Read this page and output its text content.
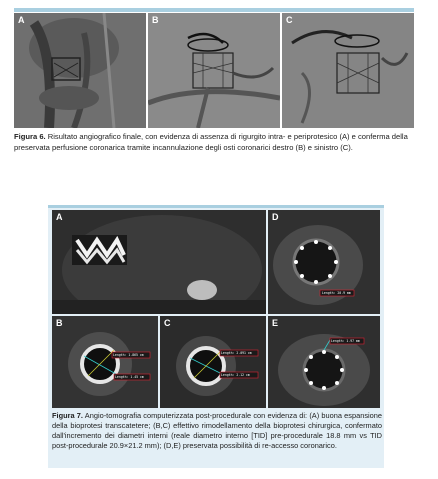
A	B	C
Figura 6. Risultato angiografico finale, con evidenza di assenza di rigurgito intra- e periprotesico (A) e conferma della preservata perfusione coronarica tramite incannulazione degli osti coronarici destro (B) e sinistro (C).
A	D
Length: 20.9 mm
B
Length: 1.865 cm
Length: 1.45 cm
C
Length: 2.091 cm
Length: 2.12 cm
E
Length: 1.97 mm
Figura 7. Angio-tomografia computerizzata post-procedurale con evidenza di: (A) buona espansione della bioprotesi transcatetere; (B,C) effettivo rimodellamento della bioprotesi chirurgica, confermato dall'incremento dei diametri interni (reale diametro interno [TID] pre-procedurale 18.8 mm vs TID post-procedurale 20.9×21.2 mm); (D,E) preservata possibilità di re-accesso coronarico.
